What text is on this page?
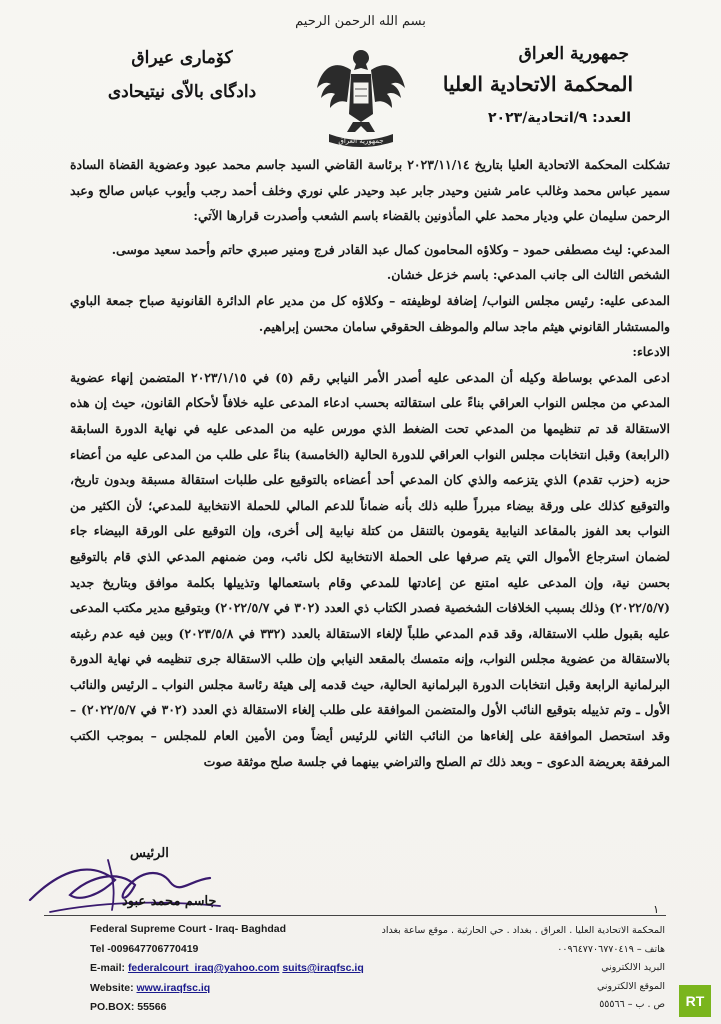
بسم الله الرحمن الرحيم
جمهورية العراق
المحكمة الاتحادية العليا
العدد: ٩/اتحادية/٢٠٢٣
جمهورية العراق
كۆمارى عيراق
دادگاى بالاّى نيتيحادى

تشكلت المحكمة الاتحادية العليا بتاريخ ٢٠٢٣/١١/١٤ برئاسة القاضي السيد جاسم محمد عبود وعضوية القضاة السادة سمير عباس محمد وغالب عامر شنين وحيدر جابر عبد وحيدر علي نوري وخلف أحمد رجب وأيوب عباس صالح وعبد الرحمن سليمان علي وديار محمد علي المأذونين بالقضاء باسم الشعب وأصدرت قرارها الآتي:

المدعي: ليث مصطفى حمود – وكلاؤه المحامون كمال عبد القادر فرج ومنير صبري حاتم وأحمد سعيد موسى.

الشخص الثالث الى جانب المدعي: باسم خزعل خشان.

المدعى عليه: رئيس مجلس النواب/ إضافة لوظيفته – وكلاؤه كل من مدير عام الدائرة القانونية صباح جمعة الباوي والمستشار القانوني هيثم ماجد سالم والموظف الحقوقي سامان محسن إبراهيم.

الادعاء:

ادعى المدعي بوساطة وكيله أن المدعى عليه أصدر الأمر النيابي رقم (٥) في ٢٠٢٣/١/١٥ المتضمن إنهاء عضوية المدعي من مجلس النواب العراقي بناءً على استقالته بحسب ادعاء المدعى عليه خلافاً لأحكام القانون، حيث إن هذه الاستقالة قد تم تنظيمها من المدعي تحت الضغط الذي مورس عليه من المدعى عليه في نهاية الدورة السابقة (الرابعة) وقبل انتخابات مجلس النواب العراقي للدورة الحالية (الخامسة) بناءً على طلب من المدعى عليه من أعضاء حزبه (حزب تقدم) الذي يتزعمه والذي كان المدعي أحد أعضاءه بالتوقيع على طلبات استقالة مسبقة وبدون تاريخ، والتوقيع كذلك على ورقة بيضاء مبرراً طلبه ذلك بأنه ضماناً للدعم المالي للحملة الانتخابية للمدعي؛ لأن الكثير من النواب بعد الفوز بالمقاعد النيابية يقومون بالتنقل من كتلة نيابية إلى أخرى، وإن التوقيع على الورقة البيضاء جاء لضمان استرجاع الأموال التي يتم صرفها على الحملة الانتخابية لكل نائب، ومن ضمنهم المدعي الذي قام بالتوقيع بحسن نية، وإن المدعى عليه امتنع عن إعادتها للمدعي وقام باستعمالها وتذييلها بكلمة موافق وبتاريخ جديد (٢٠٢٢/٥/٧) وذلك بسبب الخلافات الشخصية فصدر الكتاب ذي العدد (٣٠٢ في ٢٠٢٢/٥/٧) وبتوقيع مدير مكتب المدعى عليه بقبول طلب الاستقالة، وقد قدم المدعي طلباً لإلغاء الاستقالة بالعدد (٣٣٢ في ٢٠٢٣/٥/٨) وبين فيه عدم رغبته بالاستقالة من عضوية مجلس النواب، وإنه متمسك بالمقعد النيابي وإن طلب الاستقالة جرى تنظيمه في نهاية الدورة البرلمانية الرابعة وقبل انتخابات الدورة البرلمانية الحالية، حيث قدمه إلى هيئة رئاسة مجلس النواب ـ الرئيس والنائب الأول ـ وتم تذييله بتوقيع النائب الأول والمتضمن الموافقة على طلب إلغاء الاستقالة ذي العدد (٣٠٢ في ٢٠٢٢/٥/٧) – وقد استحصل الموافقة على إلغاءها من النائب الثاني للرئيس أيضاً ومن الأمين العام للمجلس – بموجب الكتب المرفقة بعريضة الدعوى – وبعد ذلك تم الصلح والتراضي بينهما في جلسة صلح موثقة صوت

الرئيس
جاسم محمد عبود
١
Federal Supreme Court - Iraq- Baghdad
Tel -009647706770419
E-mail: federalcourt_iraq@yahoo.com suits@iraqfsc.iq
Website: www.iraqfsc.iq
PO.BOX: 55566
المحكمة الاتحادية العليا . العراق . بغداد . حي الحارثية . موقع ساعة بغداد
هاتف – ٠٠٩٦٤٧٧٠٦٧٧٠٤١٩
البريد الالكتروني
الموقع الالكتروني
ص . ب – ٥٥٥٦٦	RT
